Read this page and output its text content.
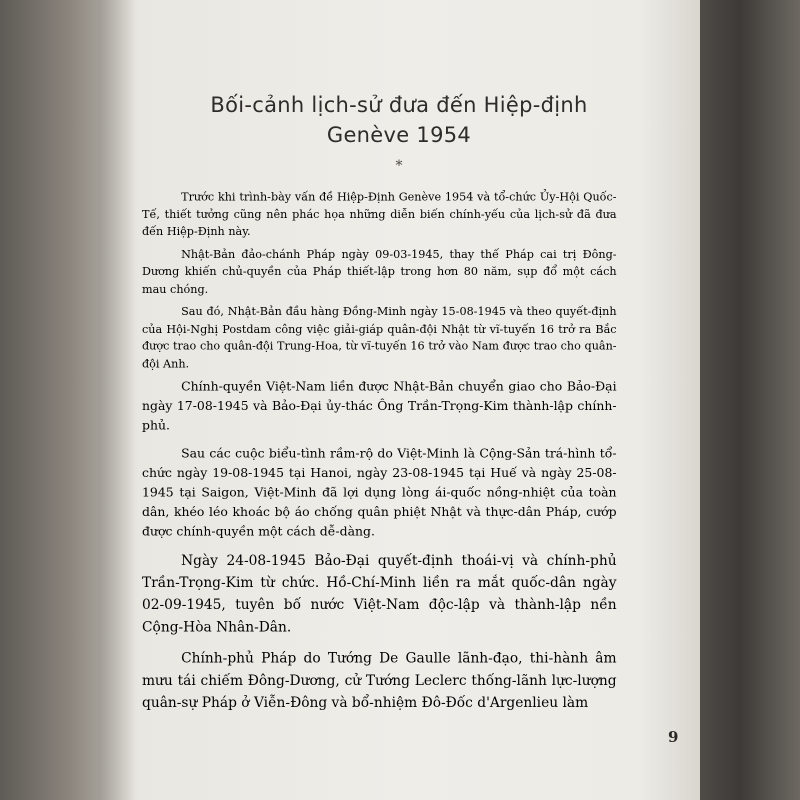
Bối-cảnh lịch-sử đưa đến Hiệp-định
Genève 1954
*

Trước khi trình-bày vấn đề Hiệp-Định Genève 1954 và tổ-chức Ủy-Hội Quốc-Tế, thiết tưởng cũng nên phác họa những diễn biến chính-yếu của lịch-sử đã đưa đến Hiệp-Định này.

Nhật-Bản đảo-chánh Pháp ngày 09-03-1945, thay thế Pháp cai trị Đông-Dương khiến chủ-quyền của Pháp thiết-lập trong hơn 80 năm, sụp đổ một cách mau chóng.

Sau đó, Nhật-Bản đầu hàng Đồng-Minh ngày 15-08-1945 và theo quyết-định của Hội-Nghị Postdam công việc giải-giáp quân-đội Nhật từ vĩ-tuyến 16 trở ra Bắc được trao cho quân-đội Trung-Hoa, từ vĩ-tuyến 16 trở vào Nam được trao cho quân-đội Anh.

Chính-quyền Việt-Nam liền được Nhật-Bản chuyển giao cho Bảo-Đại ngày 17-08-1945 và Bảo-Đại ủy-thác Ông Trần-Trọng-Kim thành-lập chính-phủ.

Sau các cuộc biểu-tình rầm-rộ do Việt-Minh là Cộng-Sản trá-hình tổ-chức ngày 19-08-1945 tại Hanoi, ngày 23-08-1945 tại Huế và ngày 25-08-1945 tại Saigon, Việt-Minh đã lợi dụng lòng ái-quốc nồng-nhiệt của toàn dân, khéo léo khoác bộ áo chống quân phiệt Nhật và thực-dân Pháp, cướp được chính-quyền một cách dễ-dàng.

Ngày 24-08-1945 Bảo-Đại quyết-định thoái-vị và chính-phủ Trần-Trọng-Kim từ chức. Hồ-Chí-Minh liền ra mắt quốc-dân ngày 02-09-1945, tuyên bố nước Việt-Nam độc-lập và thành-lập nền Cộng-Hòa Nhân-Dân.

Chính-phủ Pháp do Tướng De Gaulle lãnh-đạo, thi-hành âm mưu tái chiếm Đông-Dương, cử Tướng Leclerc thống-lãnh lực-lượng quân-sự Pháp ở Viễn-Đông và bổ-nhiệm Đô-Đốc d'Argenlieu làm

9
